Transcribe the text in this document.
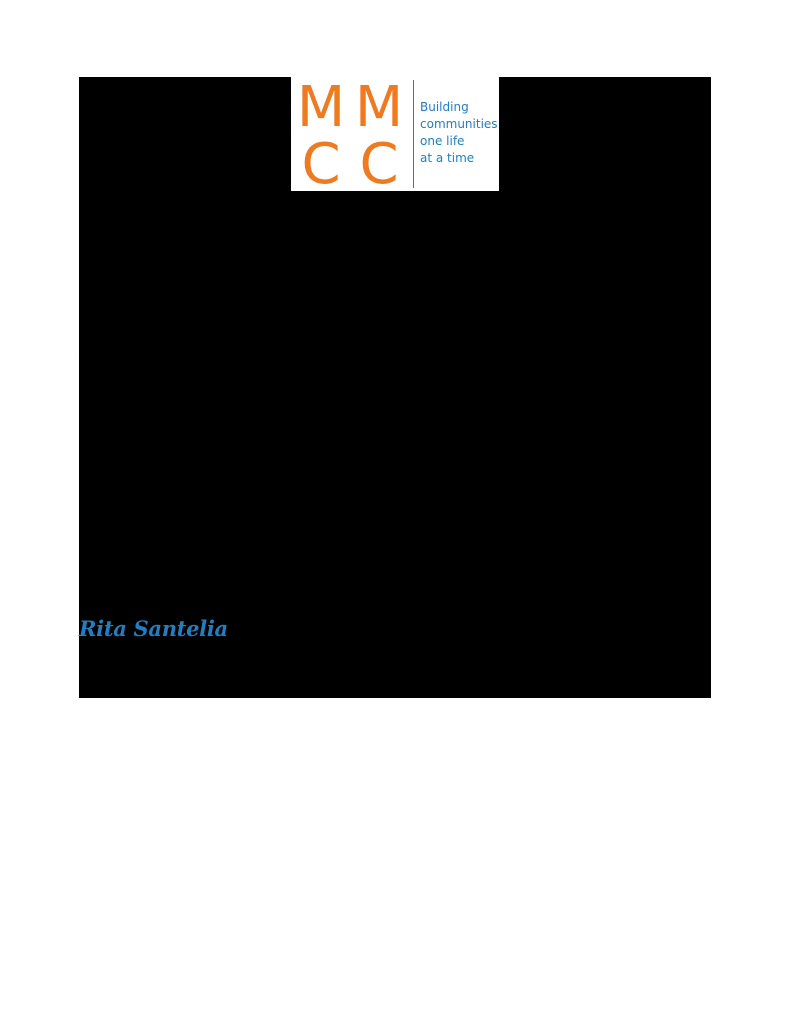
M M
C C
Building
communities
one life
at a time

Dear Friends,

This weekend, the Bronx community suffered a heartbreaking loss. A building fire took the lives of 19 souls, nine of whom were children. Our thoughts and prayers are with the families during this difficult time.

As we deal with this immeasurable pain, MMCC wants to be an ever-present source of support and comfort for the families of those who perished. MMCC will provide key resources in the areas of pantry services, housing, and emergency benefits to those affected by this tragedy.

Please contact Marisol Baez, Families Program Director at (718) 882-4000, ext. 352.

With Sympathy,

Rita Santelia

Rita Santelia, LMSW

Chief Executive Officer
